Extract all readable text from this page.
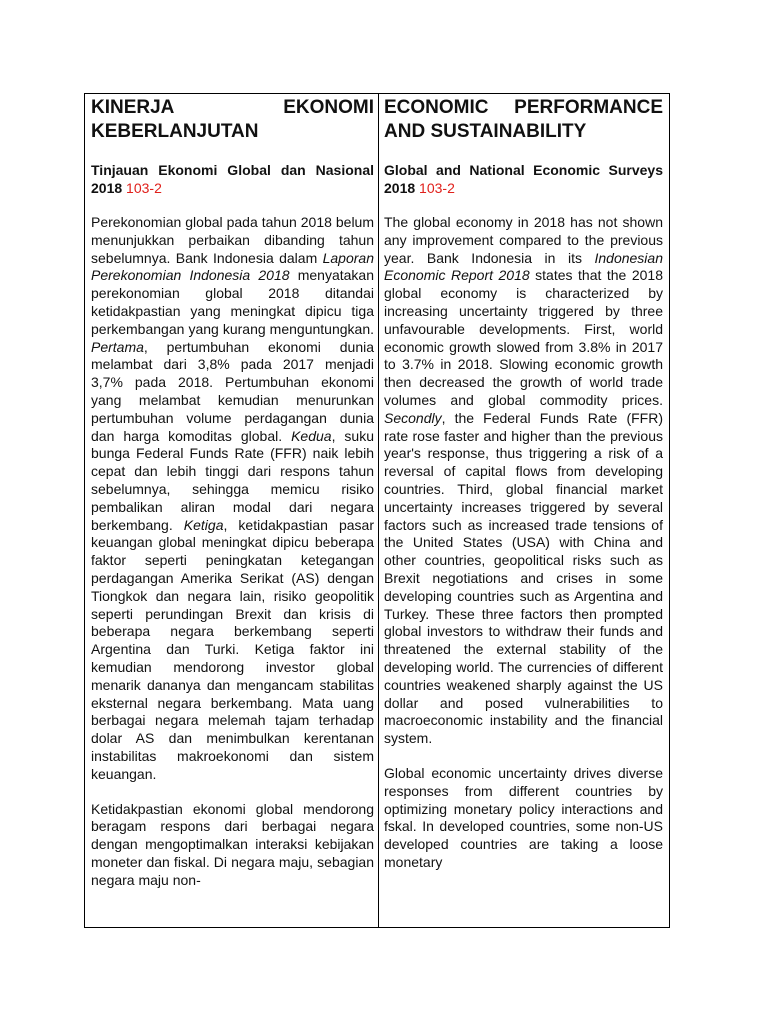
KINERJA	EKONOMI
KEBERLANJUTAN
Tinjauan Ekonomi Global dan Nasional 2018 103-2

Perekonomian global pada tahun 2018 belum menunjukkan perbaikan dibanding tahun sebelumnya. Bank Indonesia dalam Laporan Perekonomian Indonesia 2018 menyatakan perekonomian global 2018 ditandai ketidakpastian yang meningkat dipicu tiga perkembangan yang kurang menguntungkan. Pertama, pertumbuhan ekonomi dunia melambat dari 3,8% pada 2017 menjadi 3,7% pada 2018. Pertumbuhan ekonomi yang melambat kemudian menurunkan pertumbuhan volume perdagangan dunia dan harga komoditas global. Kedua, suku bunga Federal Funds Rate (FFR) naik lebih cepat dan lebih tinggi dari respons tahun sebelumnya, sehingga memicu risiko pembalikan aliran modal dari negara berkembang. Ketiga, ketidakpastian pasar keuangan global meningkat dipicu beberapa faktor seperti peningkatan ketegangan perdagangan Amerika Serikat (AS) dengan Tiongkok dan negara lain, risiko geopolitik seperti perundingan Brexit dan krisis di beberapa negara berkembang seperti Argentina dan Turki. Ketiga faktor ini kemudian mendorong investor global menarik dananya dan mengancam stabilitas eksternal negara berkembang. Mata uang berbagai negara melemah tajam terhadap dolar AS dan menimbulkan kerentanan instabilitas makroekonomi dan sistem keuangan.

Ketidakpastian ekonomi global mendorong beragam respons dari berbagai negara dengan mengoptimalkan interaksi kebijakan moneter dan fiskal. Di negara maju, sebagian negara maju non-

ECONOMIC PERFORMANCE AND SUSTAINABILITY
Global and National Economic Surveys 2018 103-2

The global economy in 2018 has not shown any improvement compared to the previous year. Bank Indonesia in its Indonesian Economic Report 2018 states that the 2018 global economy is characterized by increasing uncertainty triggered by three unfavourable developments. First, world economic growth slowed from 3.8% in 2017 to 3.7% in 2018. Slowing economic growth then decreased the growth of world trade volumes and global commodity prices. Secondly, the Federal Funds Rate (FFR) rate rose faster and higher than the previous year's response, thus triggering a risk of a reversal of capital flows from developing countries. Third, global financial market uncertainty increases triggered by several factors such as increased trade tensions of the United States (USA) with China and other countries, geopolitical risks such as Brexit negotiations and crises in some developing countries such as Argentina and Turkey. These three factors then prompted global investors to withdraw their funds and threatened the external stability of the developing world. The currencies of different countries weakened sharply against the US dollar and posed vulnerabilities to macroeconomic instability and the financial system.

Global economic uncertainty drives diverse responses from different countries by optimizing monetary policy interactions and fskal. In developed countries, some non-US developed countries are taking a loose monetary
